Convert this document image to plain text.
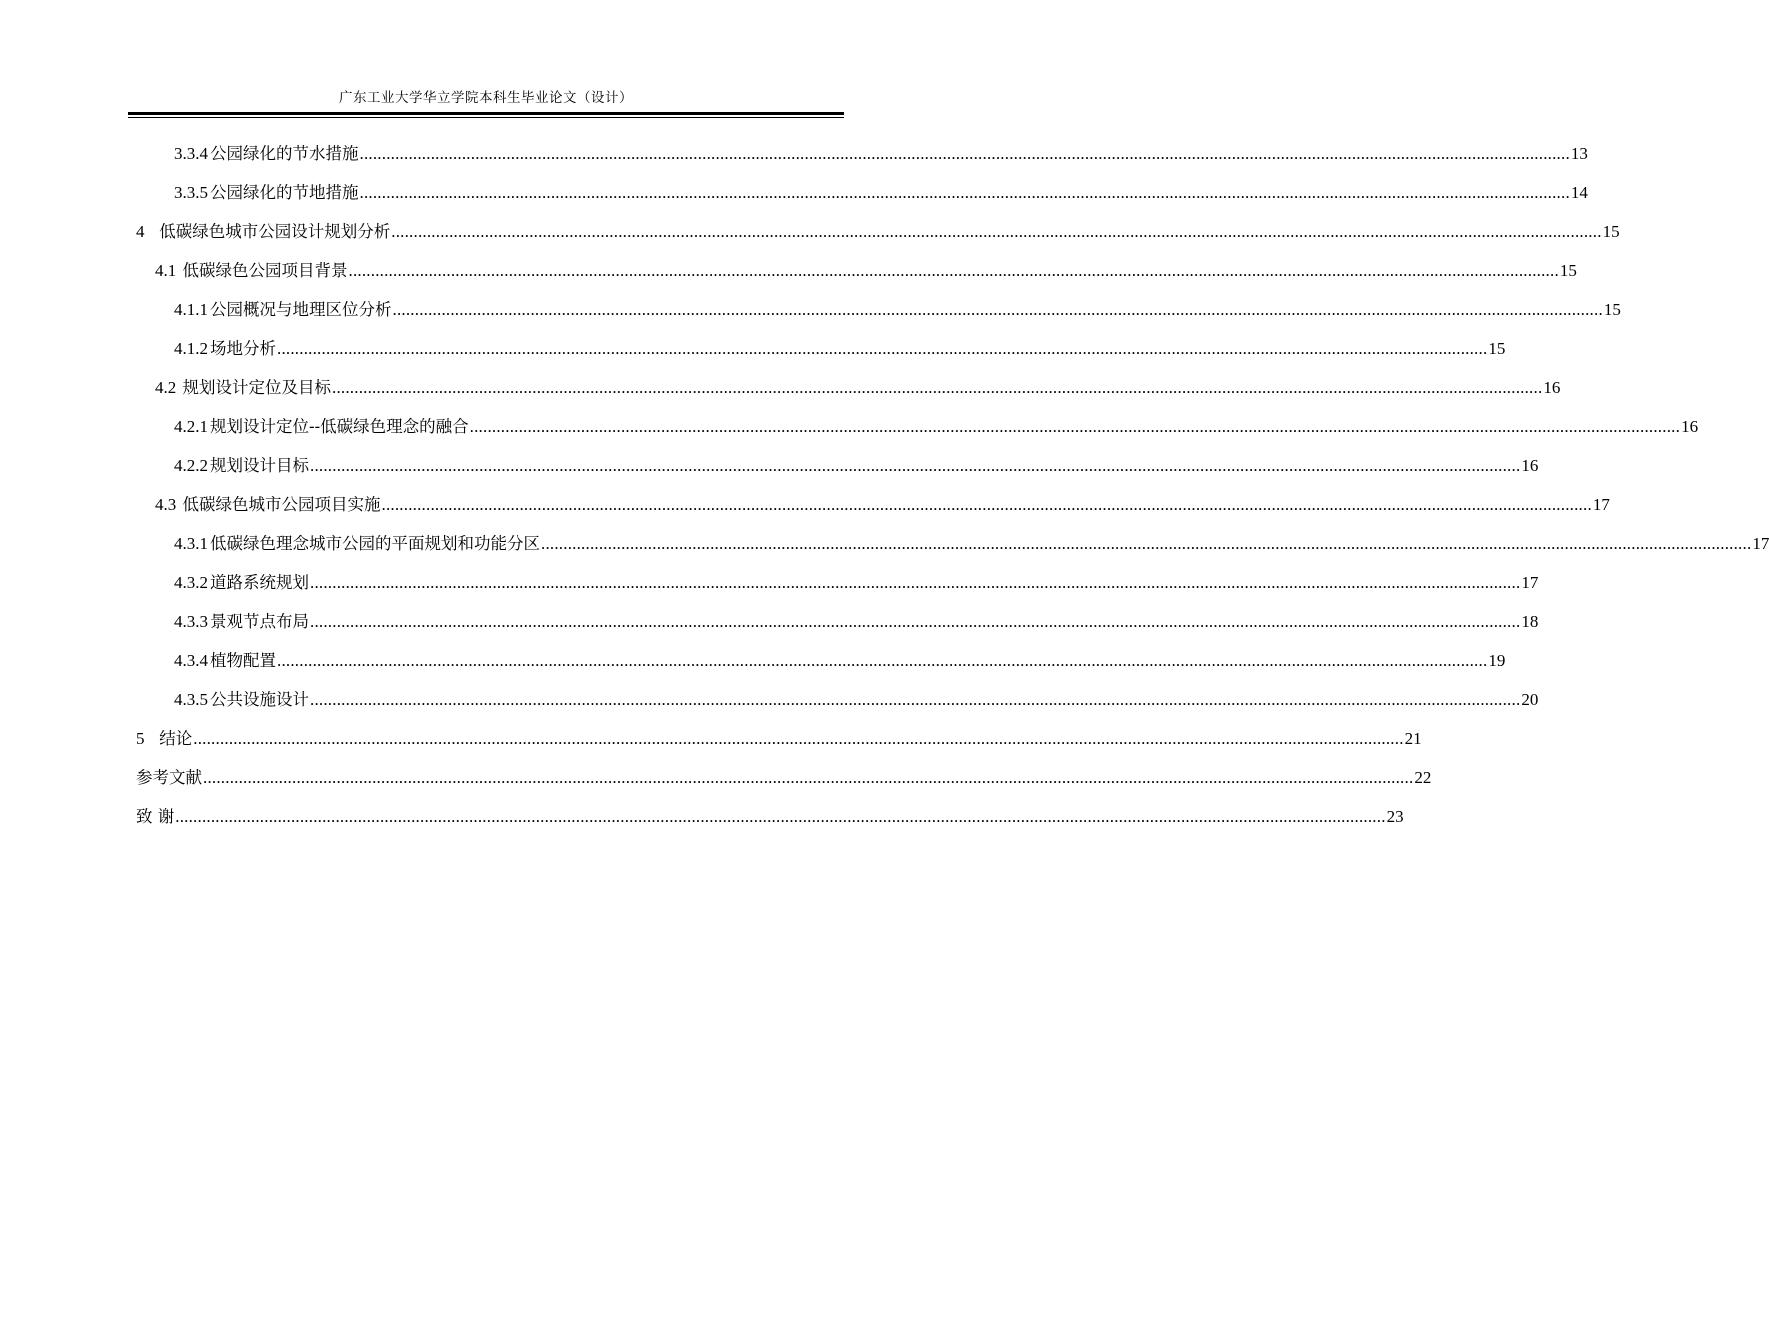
广东工业大学华立学院本科生毕业论文（设计）
3.3.4 公园绿化的节水措施 ................................................................................................................................................................................................................................................................................ 13
3.3.5 公园绿化的节地措施 ................................................................................................................................................................................................................................................................................ 14
4 低碳绿色城市公园设计规划分析 ................................................................................................................................................................................................................................................................................ 15
4.1 低碳绿色公园项目背景 ................................................................................................................................................................................................................................................................................ 15
4.1.1 公园概况与地理区位分析 ................................................................................................................................................................................................................................................................................ 15
4.1.2 场地分析 ................................................................................................................................................................................................................................................................................ 15
4.2 规划设计定位及目标 ................................................................................................................................................................................................................................................................................ 16
4.2.1 规划设计定位--低碳绿色理念的融合 ................................................................................................................................................................................................................................................................................ 16
4.2.2 规划设计目标 ................................................................................................................................................................................................................................................................................ 16
4.3 低碳绿色城市公园项目实施 ................................................................................................................................................................................................................................................................................ 17
4.3.1 低碳绿色理念城市公园的平面规划和功能分区 ................................................................................................................................................................................................................................................................................ 17
4.3.2 道路系统规划 ................................................................................................................................................................................................................................................................................ 17
4.3.3 景观节点布局 ................................................................................................................................................................................................................................................................................ 18
4.3.4 植物配置 ................................................................................................................................................................................................................................................................................ 19
4.3.5 公共设施设计 ................................................................................................................................................................................................................................................................................ 20
5 结论 ................................................................................................................................................................................................................................................................................ 21
参考文献 ................................................................................................................................................................................................................................................................................ 22
致 谢 ................................................................................................................................................................................................................................................................................ 23
